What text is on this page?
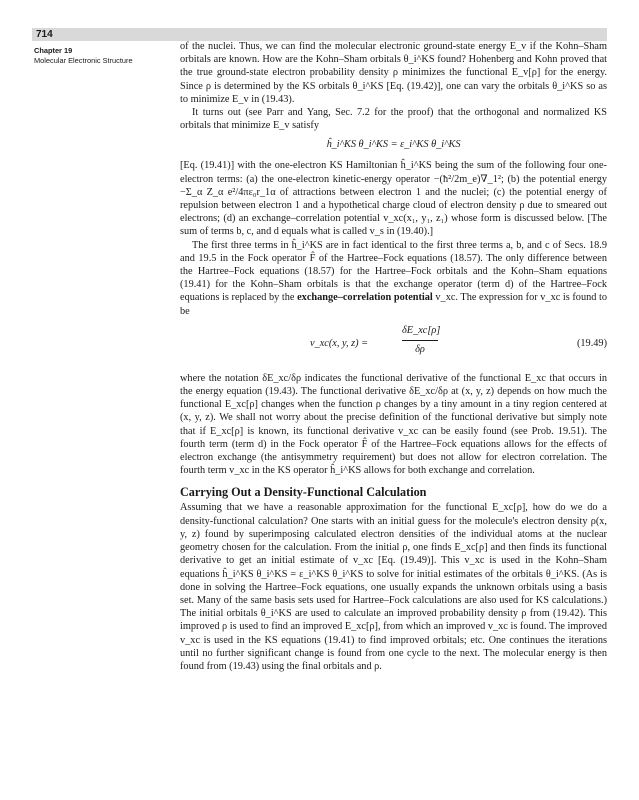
714
Chapter 19
Molecular Electronic Structure

of the nuclei. Thus, we can find the molecular electronic ground-state energy E_v if the Kohn–Sham orbitals are known. How are the Kohn–Sham orbitals θ_i^KS found? Hohenberg and Kohn proved that the true ground-state electron probability density ρ minimizes the functional E_v[ρ] for the energy. Since ρ is determined by the KS orbitals θ_i^KS [Eq. (19.42)], one can vary the orbitals θ_i^KS so as to minimize E_v in (19.43).

It turns out (see Parr and Yang, Sec. 7.2 for the proof) that the orthogonal and normalized KS orbitals that minimize E_v satisfy

ĥ_i^KS θ_i^KS = ε_i^KS θ_i^KS

[Eq. (19.41)] with the one-electron KS Hamiltonian ĥ_i^KS being the sum of the following four one-electron terms: (a) the one-electron kinetic-energy operator −(ħ²/2m_e)∇_1²; (b) the potential energy −Σ_α Z_α e²/4πε₀r_1α of attractions between electron 1 and the nuclei; (c) the potential energy of repulsion between electron 1 and a hypothetical charge cloud of electron density ρ due to smeared out electrons; (d) an exchange–correlation potential v_xc(x₁, y₁, z₁) whose form is discussed below. [The sum of terms b, c, and d equals what is called v_s in (19.40).]

The first three terms in ĥ_i^KS are in fact identical to the first three terms a, b, and c of Secs. 18.9 and 19.5 in the Fock operator F̂ of the Hartree–Fock equations (18.57). The only difference between the Hartree–Fock equations (18.57) for the Hartree–Fock orbitals and the Kohn–Sham equations (19.41) for the Kohn–Sham orbitals is that the exchange operator (term d) of the Hartree–Fock equations is replaced by the exchange–correlation potential v_xc. The expression for v_xc is found to be

v_xc(x, y, z) =
δE_xc[ρ]
δρ
(19.49)

where the notation δE_xc/δρ indicates the functional derivative of the functional E_xc that occurs in the energy equation (19.43). The functional derivative δE_xc/δρ at (x, y, z) depends on how much the functional E_xc[ρ] changes when the function ρ changes by a tiny amount in a tiny region centered at (x, y, z). We shall not worry about the precise definition of the functional derivative but simply note that if E_xc[ρ] is known, its functional derivative v_xc can be easily found (see Prob. 19.51). The fourth term (term d) in the Fock operator F̂ of the Hartree–Fock equations allows for the effects of electron exchange (the antisymmetry requirement) but does not allow for electron correlation. The fourth term v_xc in the KS operator ĥ_i^KS allows for both exchange and correlation.

Carrying Out a Density-Functional Calculation

Assuming that we have a reasonable approximation for the functional E_xc[ρ], how do we do a density-functional calculation? One starts with an initial guess for the molecule's electron density ρ(x, y, z) found by superimposing calculated electron densities of the individual atoms at the nuclear geometry chosen for the calculation. From the initial ρ, one finds E_xc[ρ] and then finds its functional derivative to get an initial estimate of v_xc [Eq. (19.49)]. This v_xc is used in the Kohn–Sham equations ĥ_i^KS θ_i^KS = ε_i^KS θ_i^KS to solve for initial estimates of the orbitals θ_i^KS. (As is done in solving the Hartree–Fock equations, one usually expands the unknown orbitals using a basis set. Many of the same basis sets used for Hartree–Fock calculations are also used for KS calculations.) The initial orbitals θ_i^KS are used to calculate an improved probability density ρ from (19.42). This improved ρ is used to find an improved E_xc[ρ], from which an improved v_xc is found. The improved v_xc is used in the KS equations (19.41) to find improved orbitals; etc. One continues the iterations until no further significant change is found from one cycle to the next. The molecular energy is then found from (19.43) using the final orbitals and ρ.
